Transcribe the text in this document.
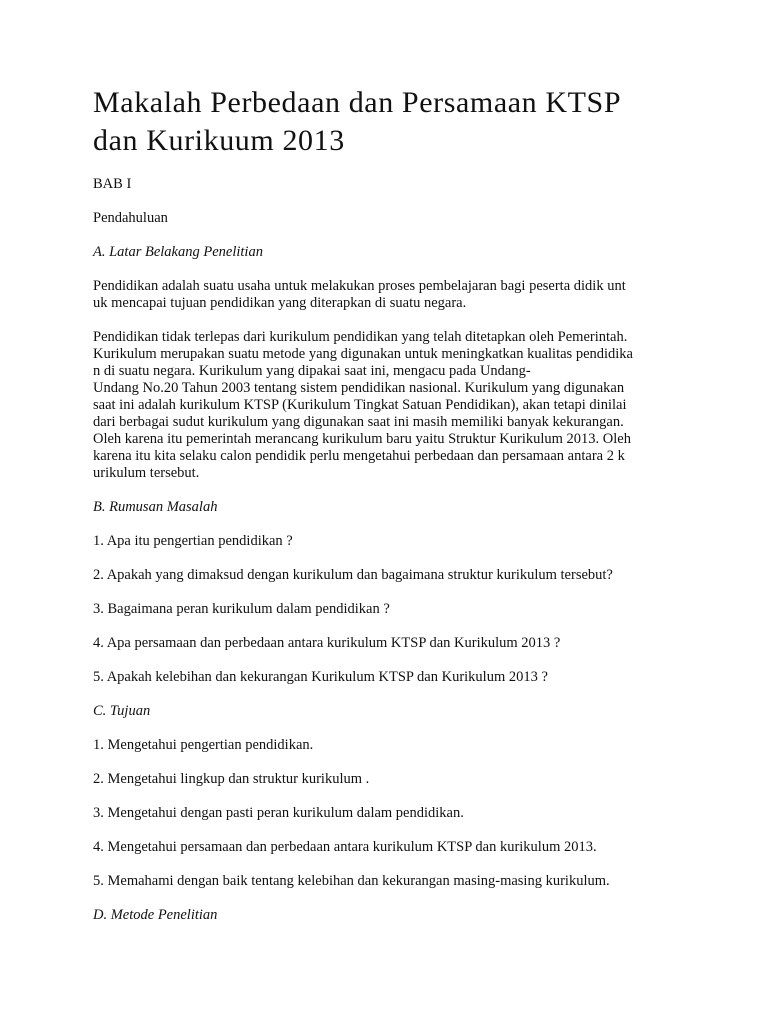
Makalah Perbedaan dan Persamaan KTSP
dan Kurikuum 2013

BAB I

Pendahuluan

A. Latar Belakang Penelitian

Pendidikan adalah suatu usaha untuk melakukan proses pembelajaran bagi peserta didik unt
uk mencapai tujuan pendidikan yang diterapkan di suatu negara.

Pendidikan tidak terlepas dari kurikulum pendidikan yang telah ditetapkan oleh Pemerintah.
Kurikulum merupakan suatu metode yang digunakan untuk meningkatkan kualitas pendidika
n di suatu negara. Kurikulum yang dipakai saat ini, mengacu pada Undang-
Undang No.20 Tahun 2003 tentang sistem pendidikan nasional. Kurikulum yang digunakan
saat ini adalah kurikulum KTSP (Kurikulum Tingkat Satuan Pendidikan), akan tetapi dinilai
dari berbagai sudut kurikulum yang digunakan saat ini masih memiliki banyak kekurangan.
Oleh karena itu pemerintah merancang kurikulum baru yaitu Struktur Kurikulum 2013. Oleh
karena itu kita selaku calon pendidik perlu mengetahui perbedaan dan persamaan antara 2 k
urikulum tersebut.

B. Rumusan Masalah

1. Apa itu pengertian pendidikan ?

2. Apakah yang dimaksud dengan kurikulum dan bagaimana struktur kurikulum tersebut?

3. Bagaimana peran kurikulum dalam pendidikan ?

4. Apa persamaan dan perbedaan antara kurikulum KTSP dan Kurikulum 2013 ?

5. Apakah kelebihan dan kekurangan Kurikulum KTSP dan Kurikulum 2013 ?

C. Tujuan

1. Mengetahui pengertian pendidikan.

2. Mengetahui lingkup dan struktur kurikulum .

3. Mengetahui dengan pasti peran kurikulum dalam pendidikan.

4. Mengetahui persamaan dan perbedaan antara kurikulum KTSP dan kurikulum 2013.

5. Memahami dengan baik tentang kelebihan dan kekurangan masing-masing kurikulum.

D. Metode Penelitian
